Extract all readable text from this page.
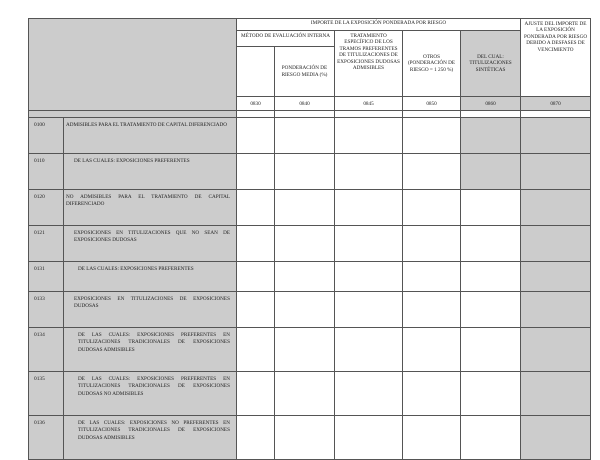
		IMPORTE DE LA EXPOSICIÓN PONDERADA POR RIESGO					AJUSTE DEL IMPORTE DE LA EXPOSICIÓN PONDERADA POR RIESGO DEBIDO A DESFASES DE VENCIMIENTO
		MÉTODO DE EVALUACIÓN INTERNA		TRATAMIENTO ESPECÍFICO DE LOS TRAMOS PREFERENTES DE TITULIZACIONES DE EXPOSICIONES DUDOSAS ADMISIBLES	OTROS (PONDERACIÓN DE RIESGO = 1 250 %)	DEL CUAL: TITULIZACIONES SINTÉTICAS	
			PONDERACIÓN DE RIESGO MEDIA (%)				
		0830	0840	0845	0850	0860	0870

0100	ADMISIBLES PARA EL TRATAMIENTO DE CAPITAL DIFERENCIADO						
0110	DE LAS CUALES: EXPOSICIONES PREFERENTES						
0120	NO ADMISIBLES PARA EL TRATAMIENTO DE CAPITAL DIFERENCIADO						
0121	EXPOSICIONES EN TITULIZACIONES QUE NO SEAN DE EXPOSICIONES DUDOSAS						
0131	DE LAS CUALES: EXPOSICIONES PREFERENTES						
0133	EXPOSICIONES EN TITULIZACIONES DE EXPOSICIONES DUDOSAS						
0134	DE LAS CUALES: EXPOSICIONES PREFERENTES EN TITULIZACIONES TRADICIONALES DE EXPOSICIONES DUDOSAS ADMISIBLES						
0135	DE LAS CUALES: EXPOSICIONES PREFERENTES EN TITULIZACIONES TRADICIONALES DE EXPOSICIONES DUDOSAS NO ADMISIBLES						
0136	DE LAS CUALES: EXPOSICIONES NO PREFERENTES EN TITULIZACIONES TRADICIONALES DE EXPOSICIONES DUDOSAS ADMISIBLES						
